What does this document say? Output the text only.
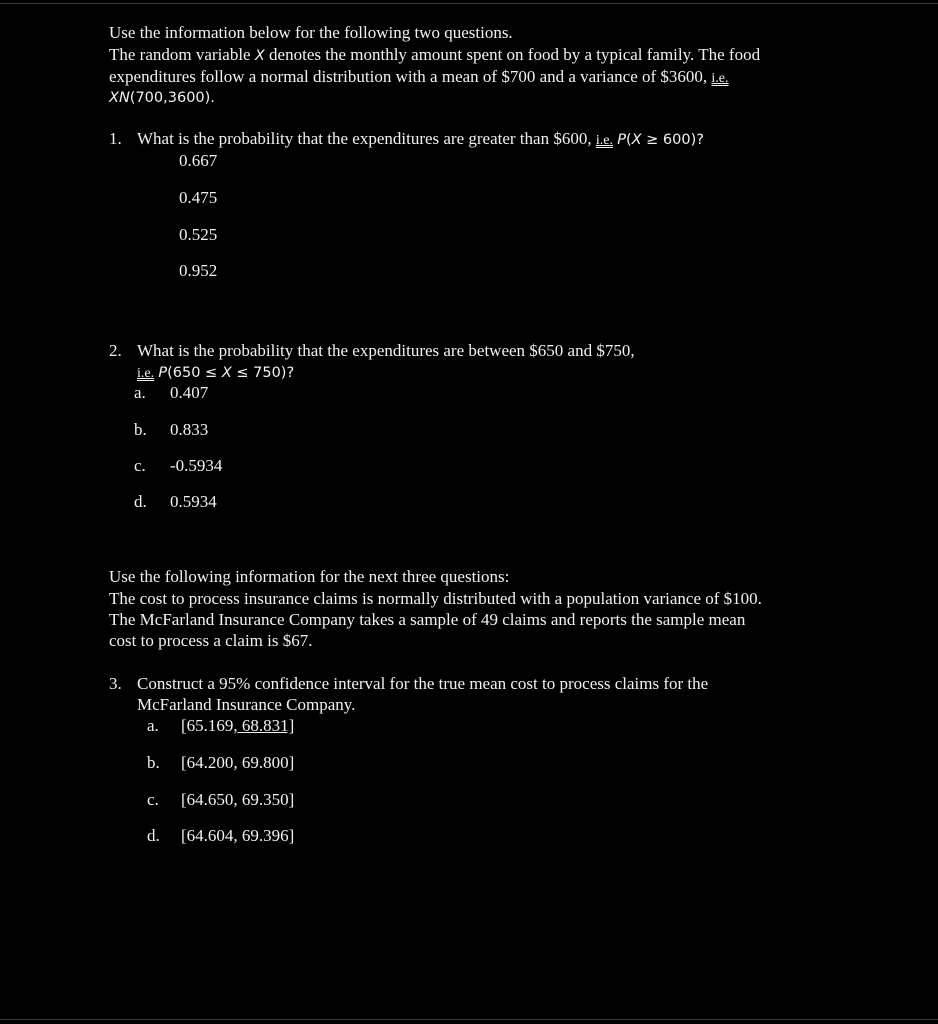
Use the information below for the following two questions.
The random variable X denotes the monthly amount spent on food by a typical family. The food
expenditures follow a normal distribution with a mean of $700 and a variance of $3600, i.e.
XN(700,3600).
1. What is the probability that the expenditures are greater than $600, i.e. P(X ≥ 600)?
0.667
0.475
0.525
0.952
2. What is the probability that the expenditures are between $650 and $750,
i.e. P(650 ≤ X ≤ 750)?
a. 0.407
b. 0.833
c. -0.5934
d. 0.5934
Use the following information for the next three questions:
The cost to process insurance claims is normally distributed with a population variance of $100.
The McFarland Insurance Company takes a sample of 49 claims and reports the sample mean
cost to process a claim is $67.
3. Construct a 95% confidence interval for the true mean cost to process claims for the
McFarland Insurance Company.
a. [65.169, 68.831]
b. [64.200, 69.800]
c. [64.650, 69.350]
d. [64.604, 69.396]
